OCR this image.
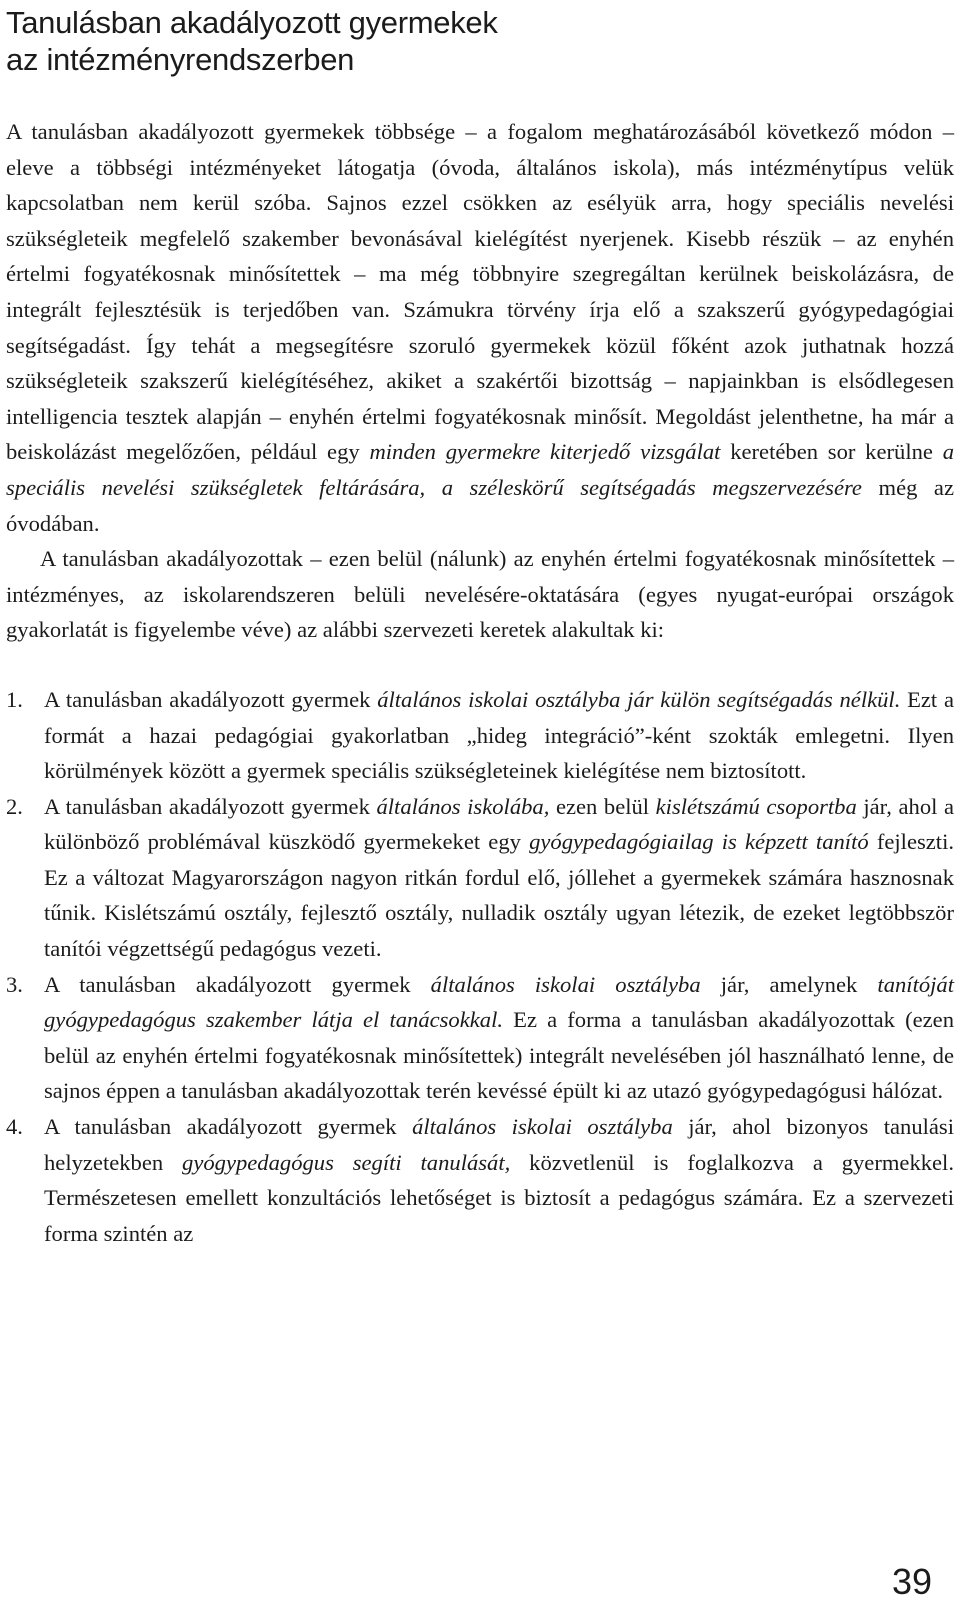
Tanulásban akadályozott gyermekek
az intézményrendszerben

A tanulásban akadályozott gyermekek többsége – a fogalom meghatározásából következő módon – eleve a többségi intézményeket látogatja (óvoda, általános iskola), más intézménytípus velük kapcsolatban nem kerül szóba. Sajnos ezzel csökken az esélyük arra, hogy speciális nevelési szükségleteik megfelelő szakember bevonásával kielégítést nyerjenek. Kisebb részük – az enyhén értelmi fogyatékosnak minősítettek – ma még többnyire szegregáltan kerülnek beiskolázásra, de integrált fejlesztésük is terjedőben van. Számukra törvény írja elő a szakszerű gyógypedagógiai segítségadást. Így tehát a megsegítésre szoruló gyermekek közül főként azok juthatnak hozzá szükségleteik szakszerű kielégítéséhez, akiket a szakértői bizottság – napjainkban is elsődlegesen intelligencia tesztek alapján – enyhén értelmi fogyatékosnak minősít. Megoldást jelenthetne, ha már a beiskolázást megelőzően, például egy minden gyermekre kiterjedő vizsgálat keretében sor kerülne a speciális nevelési szükségletek feltárására, a széleskörű segítségadás megszervezésére még az óvodában.

A tanulásban akadályozottak – ezen belül (nálunk) az enyhén értelmi fogyatékosnak minősítettek – intézményes, az iskolarendszeren belüli nevelésére-oktatására (egyes nyugat-európai országok gyakorlatát is figyelembe véve) az alábbi szervezeti keretek alakultak ki:

1. A tanulásban akadályozott gyermek általános iskolai osztályba jár külön segítségadás nélkül. Ezt a formát a hazai pedagógiai gyakorlatban „hideg integráció”-ként szokták emlegetni. Ilyen körülmények között a gyermek speciális szükségleteinek kielégítése nem biztosított.
2. A tanulásban akadályozott gyermek általános iskolába, ezen belül kislétszámú csoportba jár, ahol a különböző problémával küszködő gyermekeket egy gyógypedagógiailag is képzett tanító fejleszti. Ez a változat Magyarországon nagyon ritkán fordul elő, jóllehet a gyermekek számára hasznosnak tűnik. Kislétszámú osztály, fejlesztő osztály, nulladik osztály ugyan létezik, de ezeket legtöbbször tanítói végzettségű pedagógus vezeti.
3. A tanulásban akadályozott gyermek általános iskolai osztályba jár, amelynek tanítóját gyógypedagógus szakember látja el tanácsokkal. Ez a forma a tanulásban akadályozottak (ezen belül az enyhén értelmi fogyatékosnak minősítettek) integrált nevelésében jól használható lenne, de sajnos éppen a tanulásban akadályozottak terén kevéssé épült ki az utazó gyógypedagógusi hálózat.
4. A tanulásban akadályozott gyermek általános iskolai osztályba jár, ahol bizonyos tanulási helyzetekben gyógypedagógus segíti tanulását, közvetlenül is foglalkozva a gyermekkel. Természetesen emellett konzultációs lehetőséget is biztosít a pedagógus számára. Ez a szervezeti forma szintén az
39
